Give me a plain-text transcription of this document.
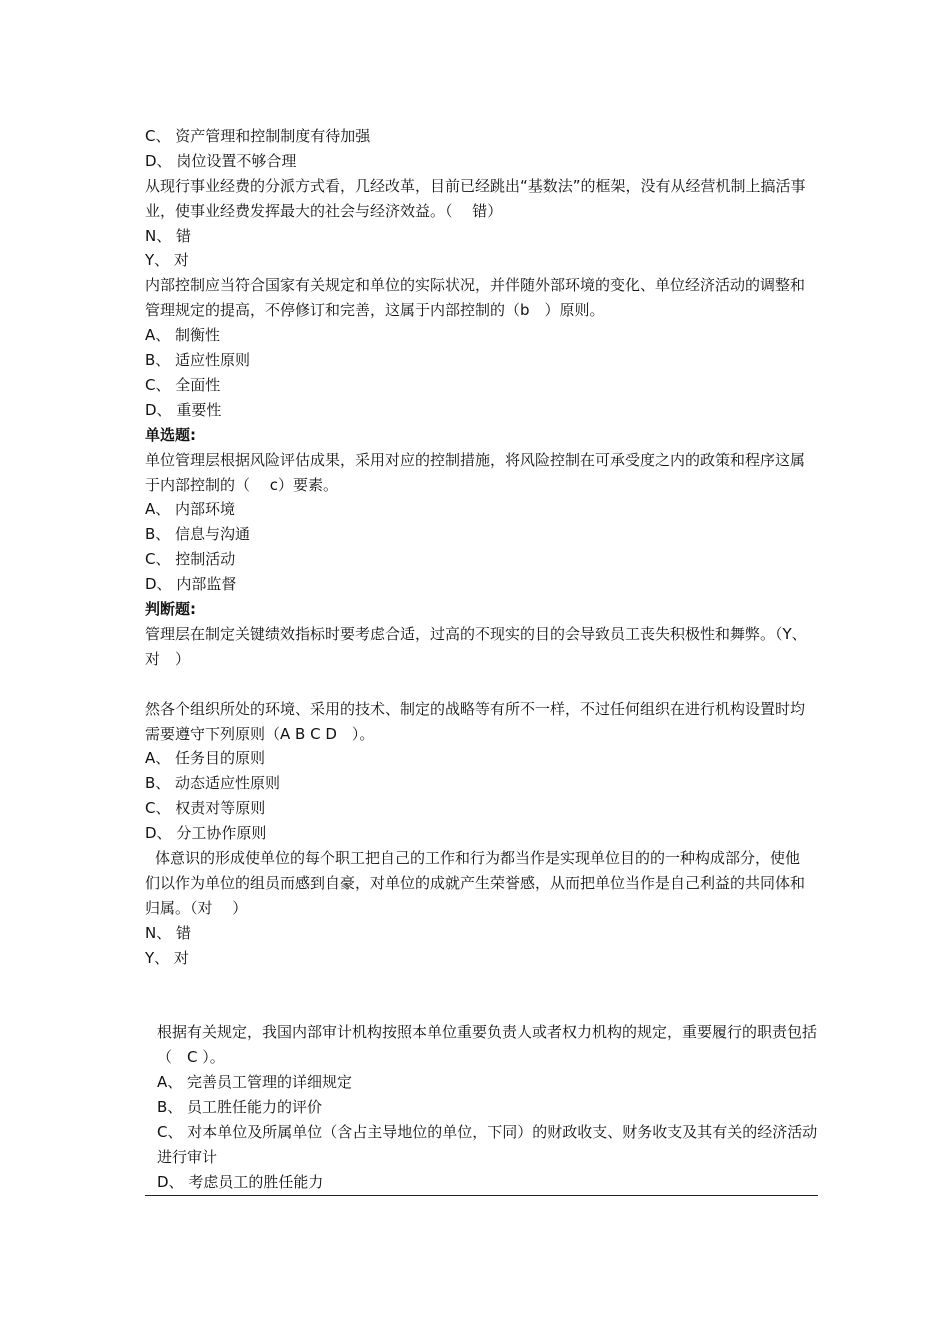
C、 资产管理和控制制度有待加强
D、 岗位设置不够合理
从现行事业经费的分派方式看，几经改革，目前已经跳出“基数法”的框架，没有从经营机制上搞活事业，使事业经费发挥最大的社会与经济效益。（　 错）
N、 错
Y、 对
内部控制应当符合国家有关规定和单位的实际状况，并伴随外部环境的变化、单位经济活动的调整和管理规定的提高，不停修订和完善，这属于内部控制的（b　）原则。
A、 制衡性
B、 适应性原则
C、 全面性
D、 重要性
单选题:
单位管理层根据风险评估成果，采用对应的控制措施，将风险控制在可承受度之内的政策和程序这属于内部控制的（　 c）要素。
A、 内部环境
B、 信息与沟通
C、 控制活动
D、 内部监督
判断题:
管理层在制定关键绩效指标时要考虑合适，过高的不现实的目的会导致员工丧失积极性和舞弊。（Y、 对　）
然各个组织所处的环境、采用的技术、制定的战略等有所不一样，不过任何组织在进行机构设置时均需要遵守下列原则（A B C D　）。
A、 任务目的原则
B、 动态适应性原则
C、 权责对等原则
D、 分工协作原则
体意识的形成使单位的每个职工把自己的工作和行为都当作是实现单位目的的一种构成部分，使他们以作为单位的组员而感到自豪，对单位的成就产生荣誉感，从而把单位当作是自己利益的共同体和归属。（对　 ）
N、 错
Y、 对
根据有关规定，我国内部审计机构按照本单位重要负责人或者权力机构的规定，重要履行的职责包括（　C ）。
A、 完善员工管理的详细规定
B、 员工胜任能力的评价
C、 对本单位及所属单位（含占主导地位的单位，下同）的财政收支、财务收支及其有关的经济活动进行审计
D、 考虑员工的胜任能力
